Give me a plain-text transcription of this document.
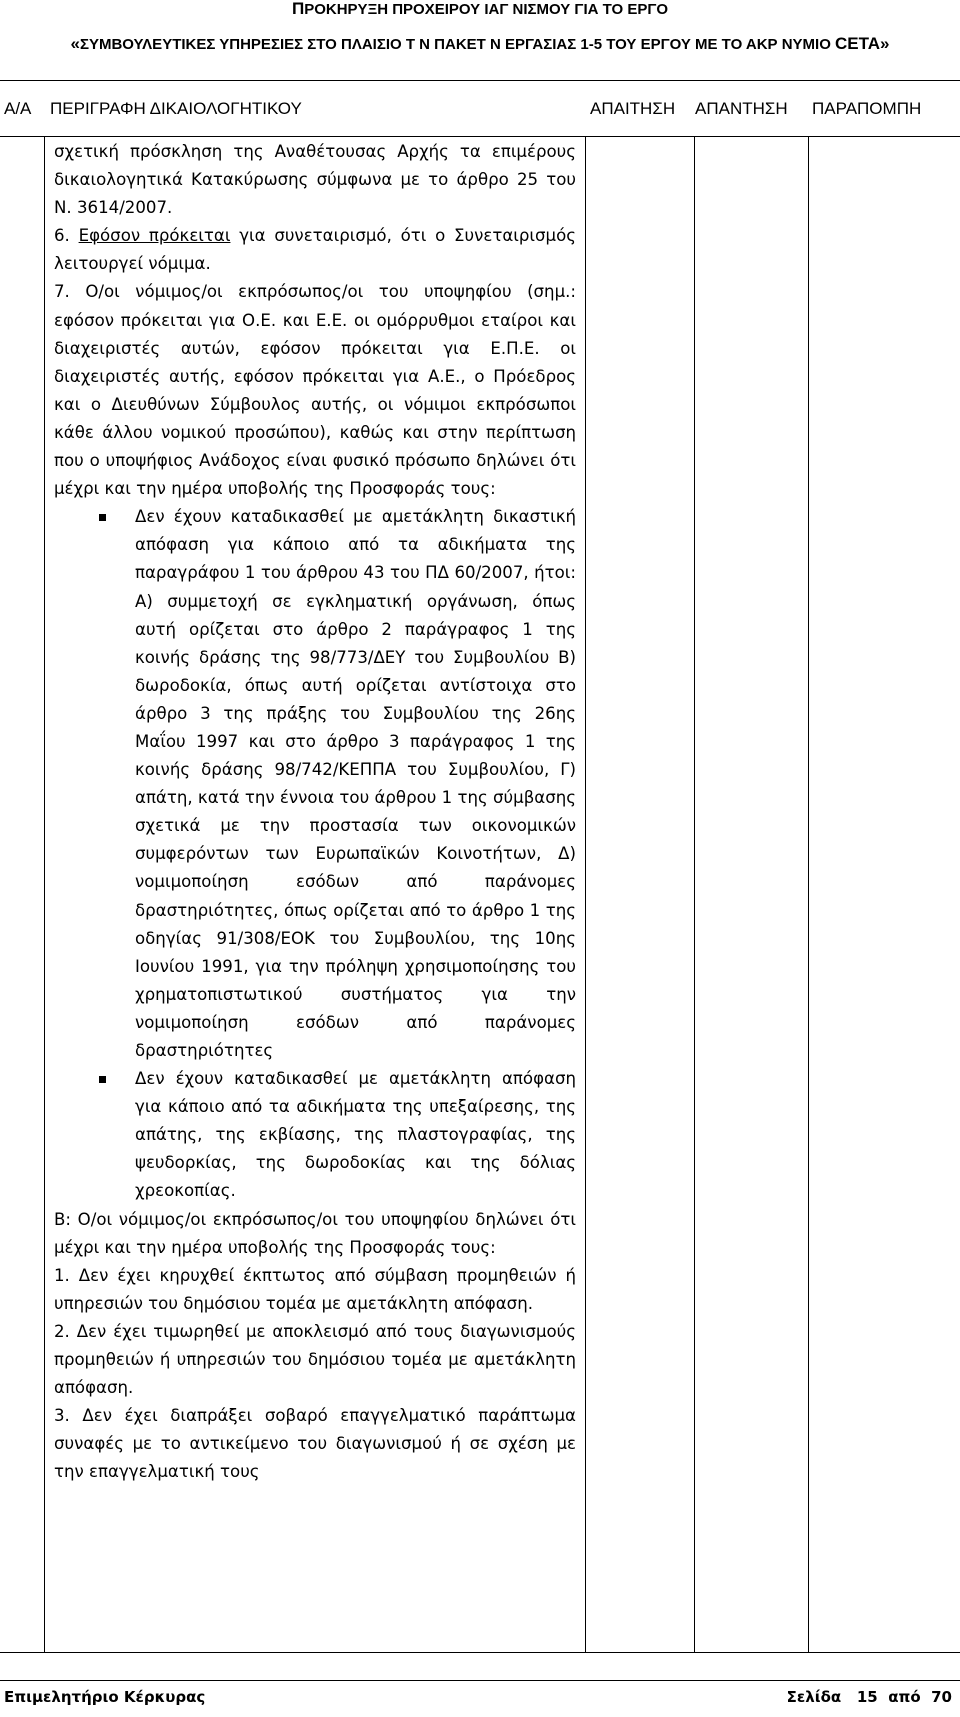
ΠΡΟΚΗΡΥΞΗ ΠΡΟΧΕΙΡΟΥ ΙΑΓ ΝΙΣΜΟΥ ΓΙΑ ΤΟ ΕΡΓΟ
«ΣΥΜΒΟΥΛΕΥΤΙΚΕΣ ΥΠΗΡΕΣΙΕΣ ΣΤΟ ΠΛΑΙΣΙΟ Τ Ν ΠΑΚΕΤ Ν ΕΡΓΑΣΙΑΣ 1-5 ΤΟΥ ΕΡΓΟΥ ΜΕ ΤΟ ΑΚΡ ΝΥΜΙΟ CETA»
Α/Α ΠΕΡΙΓΡΑΦΗ ΔΙΚΑΙΟΛΟΓΗΤΙΚΟΥ	ΑΠΑΙΤΗΣΗ ΑΠΑΝΤΗΣΗ ΠΑΡΑΠΟΜΠΗ

σχετική πρόσκληση της Αναθέτουσας Αρχής τα επιμέρους δικαιολογητικά Κατακύρωσης σύμφωνα με το άρθρο 25 του Ν. 3614/2007.

6. Εφόσον πρόκειται για συνεταιρισμό, ότι ο Συνεταιρισμός λειτουργεί νόμιμα.

7. Ο/οι νόμιμος/οι εκπρόσωπος/οι του υποψηφίου (σημ.: εφόσον πρόκειται για Ο.Ε. και Ε.Ε. οι ομόρρυθμοι εταίροι και διαχειριστές αυτών, εφόσον πρόκειται για Ε.Π.Ε. οι διαχειριστές αυτής, εφόσον πρόκειται για Α.Ε., ο Πρόεδρος και ο Διευθύνων Σύμβουλος αυτής, οι νόμιμοι εκπρόσωποι κάθε άλλου νομικού προσώπου), καθώς και στην περίπτωση που ο υποψήφιος Ανάδοχος είναι φυσικό πρόσωπο δηλώνει ότι μέχρι και την ημέρα υποβολής της Προσφοράς τους:

Δεν έχουν καταδικασθεί με αμετάκλητη δικαστική απόφαση για κάποιο από τα αδικήματα της παραγράφου 1 του άρθρου 43 του ΠΔ 60/2007, ήτοι: Α) συμμετοχή σε εγκληματική οργάνωση, όπως αυτή ορίζεται στο άρθρο 2 παράγραφος 1 της κοινής δράσης της 98/773/ΔΕΥ του Συμβουλίου Β) δωροδοκία, όπως αυτή ορίζεται αντίστοιχα στο άρθρο 3 της πράξης του Συμβουλίου της 26ης Μαΐου 1997 και στο άρθρο 3 παράγραφος 1 της κοινής δράσης 98/742/ΚΕΠΠΑ του Συμβουλίου, Γ) απάτη, κατά την έννοια του άρθρου 1 της σύμβασης σχετικά με την προστασία των οικονομικών συμφερόντων των Ευρωπαϊκών Κοινοτήτων, Δ) νομιμοποίηση εσόδων από παράνομες δραστηριότητες, όπως ορίζεται από το άρθρο 1 της οδηγίας 91/308/ΕΟΚ του Συμβουλίου, της 10ης Ιουνίου 1991, για την πρόληψη χρησιμοποίησης του χρηματοπιστωτικού συστήματος για την νομιμοποίηση εσόδων από παράνομες δραστηριότητες
Δεν έχουν καταδικασθεί με αμετάκλητη απόφαση για κάποιο από τα αδικήματα της υπεξαίρεσης, της απάτης, της εκβίασης, της πλαστογραφίας, της ψευδορκίας, της δωροδοκίας και της δόλιας χρεοκοπίας.

Β: Ο/οι νόμιμος/οι εκπρόσωπος/οι του υποψηφίου δηλώνει ότι μέχρι και την ημέρα υποβολής της Προσφοράς τους:

1. Δεν έχει κηρυχθεί έκπτωτος από σύμβαση προμηθειών ή υπηρεσιών του δημόσιου τομέα με αμετάκλητη απόφαση.

2. Δεν έχει τιμωρηθεί με αποκλεισμό από τους διαγωνισμούς προμηθειών ή υπηρεσιών του δημόσιου τομέα με αμετάκλητη απόφαση.

3. Δεν έχει διαπράξει σοβαρό επαγγελματικό παράπτωμα συναφές με το αντικείμενο του διαγωνισμού ή σε σχέση με την επαγγελματική τους

Επιμελητήριο Κέρκυρας	Σελίδα 15 από 70
